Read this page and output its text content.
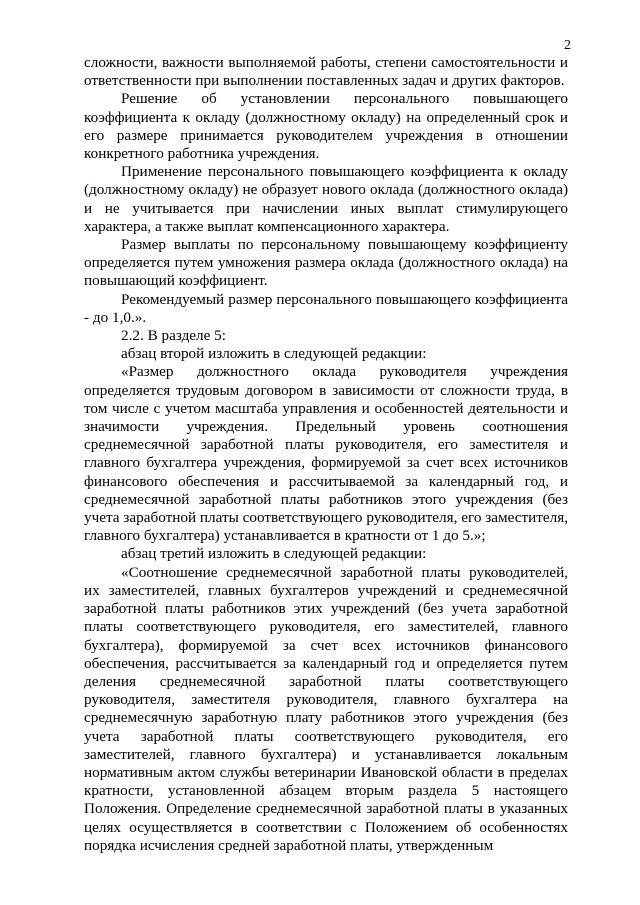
2

сложности, важности выполняемой работы, степени самостоятельности и ответственности при выполнении поставленных задач и других факторов.

Решение об установлении персонального повышающего коэффициента к окладу (должностному окладу) на определенный срок и его размере принимается руководителем учреждения в отношении конкретного работника учреждения.

Применение персонального повышающего коэффициента к окладу (должностному окладу) не образует нового оклада (должностного оклада) и не учитывается при начислении иных выплат стимулирующего характера, а также выплат компенсационного характера.

Размер выплаты по персональному повышающему коэффициенту определяется путем умножения размера оклада (должностного оклада) на повышающий коэффициент.

Рекомендуемый размер персонального повышающего коэффициента - до 1,0.».

2.2. В разделе 5:

абзац второй изложить в следующей редакции:

«Размер должностного оклада руководителя учреждения определяется трудовым договором в зависимости от сложности труда, в том числе с учетом масштаба управления и особенностей деятельности и значимости учреждения. Предельный уровень соотношения среднемесячной заработной платы руководителя, его заместителя и главного бухгалтера учреждения, формируемой за счет всех источников финансового обеспечения и рассчитываемой за календарный год, и среднемесячной заработной платы работников этого учреждения (без учета заработной платы соответствующего руководителя, его заместителя, главного бухгалтера) устанавливается в кратности от 1 до 5.»;

абзац третий изложить в следующей редакции:

«Соотношение среднемесячной заработной платы руководителей, их заместителей, главных бухгалтеров учреждений и среднемесячной заработной платы работников этих учреждений (без учета заработной платы соответствующего руководителя, его заместителей, главного бухгалтера), формируемой за счет всех источников финансового обеспечения, рассчитывается за календарный год и определяется путем деления среднемесячной заработной платы соответствующего руководителя, заместителя руководителя, главного бухгалтера на среднемесячную заработную плату работников этого учреждения (без учета заработной платы соответствующего руководителя, его заместителей, главного бухгалтера) и устанавливается локальным нормативным актом службы ветеринарии Ивановской области в пределах кратности, установленной абзацем вторым раздела 5 настоящего Положения. Определение среднемесячной заработной платы в указанных целях осуществляется в соответствии с Положением об особенностях порядка исчисления средней заработной платы, утвержденным
